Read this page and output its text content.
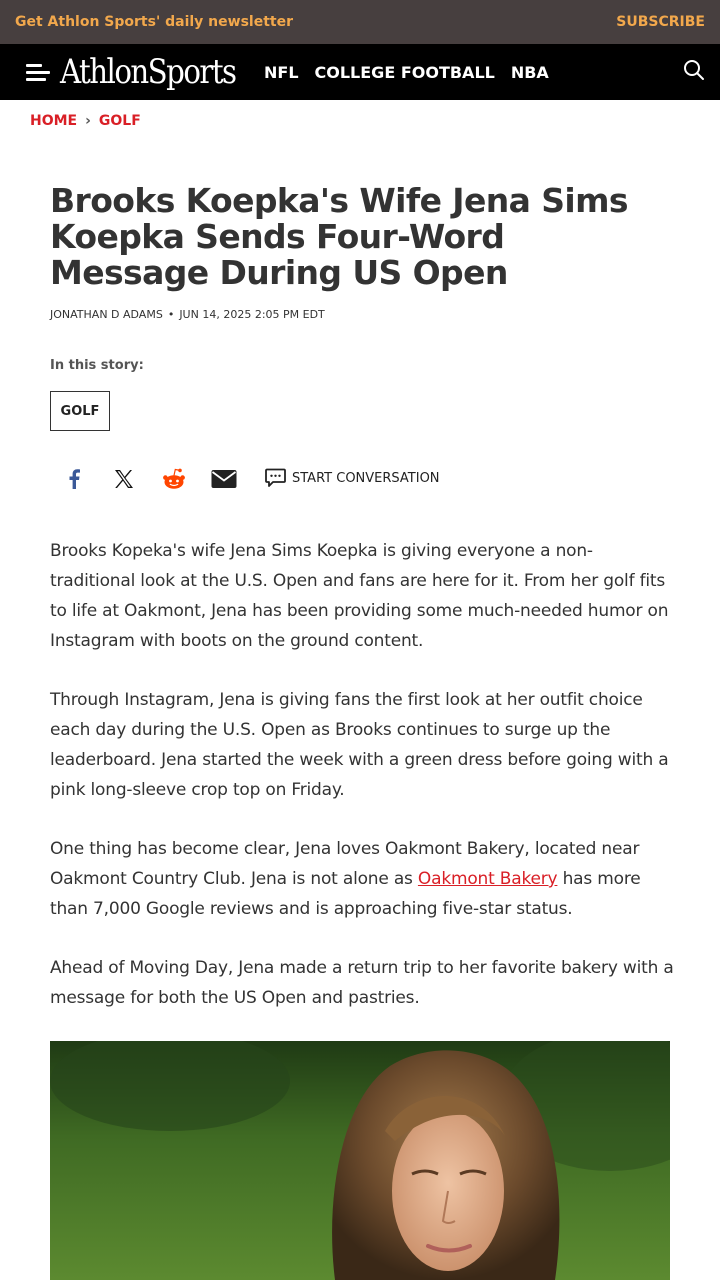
Get Athlon Sports' daily newsletter	SUBSCRIBE
AthlonSports NFL COLLEGE FOOTBALL NBA
HOME › GOLF
Brooks Koepka's Wife Jena Sims Koepka Sends Four-Word Message During US Open
JONATHAN D ADAMS • JUN 14, 2025 2:05 PM EDT
In this story:
GOLF
START CONVERSATION

Brooks Kopeka's wife Jena Sims Koepka is giving everyone a non-traditional look at the U.S. Open and fans are here for it. From her golf fits to life at Oakmont, Jena has been providing some much-needed humor on Instagram with boots on the ground content.

Through Instagram, Jena is giving fans the first look at her outfit choice each day during the U.S. Open as Brooks continues to surge up the leaderboard. Jena started the week with a green dress before going with a pink long-sleeve crop top on Friday.

One thing has become clear, Jena loves Oakmont Bakery, located near Oakmont Country Club. Jena is not alone as Oakmont Bakery has more than 7,000 Google reviews and is approaching five-star status.

Ahead of Moving Day, Jena made a return trip to her favorite bakery with a message for both the US Open and pastries.
